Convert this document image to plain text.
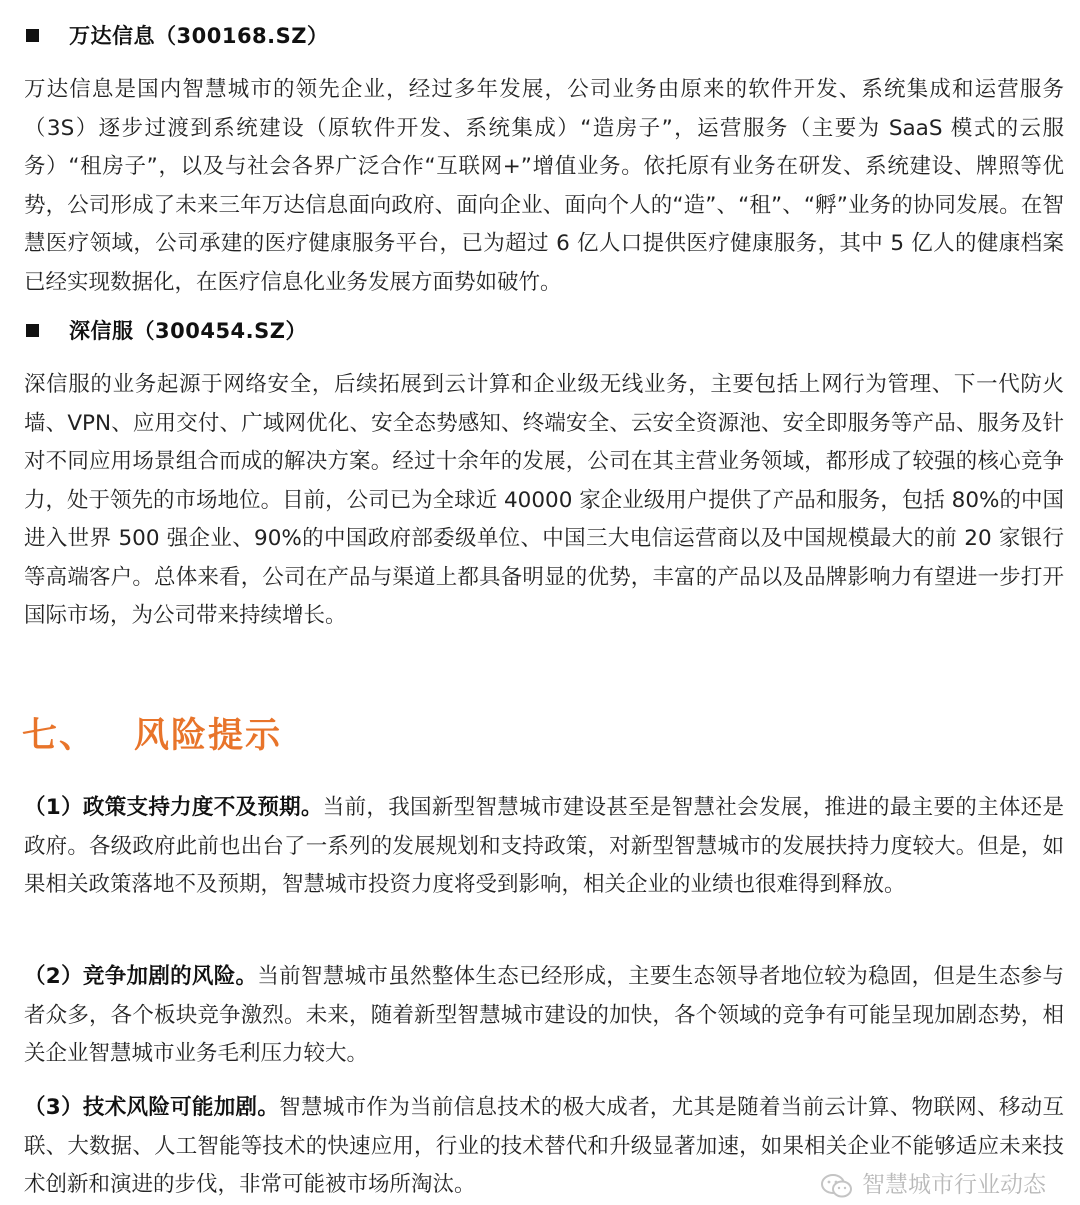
万达信息（300168.SZ）

万达信息是国内智慧城市的领先企业，经过多年发展，公司业务由原来的软件开发、系统集成和运营服务（3S）逐步过渡到系统建设（原软件开发、系统集成）“造房子”，运营服务（主要为 SaaS 模式的云服务）“租房子”，以及与社会各界广泛合作“互联网+”增值业务。依托原有业务在研发、系统建设、牌照等优势，公司形成了未来三年万达信息面向政府、面向企业、面向个人的“造”、“租”、“孵”业务的协同发展。在智慧医疗领域，公司承建的医疗健康服务平台，已为超过 6 亿人口提供医疗健康服务，其中 5 亿人的健康档案已经实现数据化，在医疗信息化业务发展方面势如破竹。

深信服（300454.SZ）

深信服的业务起源于网络安全，后续拓展到云计算和企业级无线业务，主要包括上网行为管理、下一代防火墙、VPN、应用交付、广域网优化、安全态势感知、终端安全、云安全资源池、安全即服务等产品、服务及针对不同应用场景组合而成的解决方案。经过十余年的发展，公司在其主营业务领域，都形成了较强的核心竞争力，处于领先的市场地位。目前，公司已为全球近 40000 家企业级用户提供了产品和服务，包括 80%的中国进入世界 500 强企业、90%的中国政府部委级单位、中国三大电信运营商以及中国规模最大的前 20 家银行等高端客户。总体来看，公司在产品与渠道上都具备明显的优势，丰富的产品以及品牌影响力有望进一步打开国际市场，为公司带来持续增长。

七、 风险提示

（1）政策支持力度不及预期。当前，我国新型智慧城市建设甚至是智慧社会发展，推进的最主要的主体还是政府。各级政府此前也出台了一系列的发展规划和支持政策，对新型智慧城市的发展扶持力度较大。但是，如果相关政策落地不及预期，智慧城市投资力度将受到影响，相关企业的业绩也很难得到释放。

（2）竞争加剧的风险。当前智慧城市虽然整体生态已经形成，主要生态领导者地位较为稳固，但是生态参与者众多，各个板块竞争激烈。未来，随着新型智慧城市建设的加快，各个领域的竞争有可能呈现加剧态势，相关企业智慧城市业务毛利压力较大。

（3）技术风险可能加剧。智慧城市作为当前信息技术的极大成者，尤其是随着当前云计算、物联网、移动互联、大数据、人工智能等技术的快速应用，行业的技术替代和升级显著加速，如果相关企业不能够适应未来技术创新和演进的步伐，非常可能被市场所淘汰。	智慧城市行业动态
